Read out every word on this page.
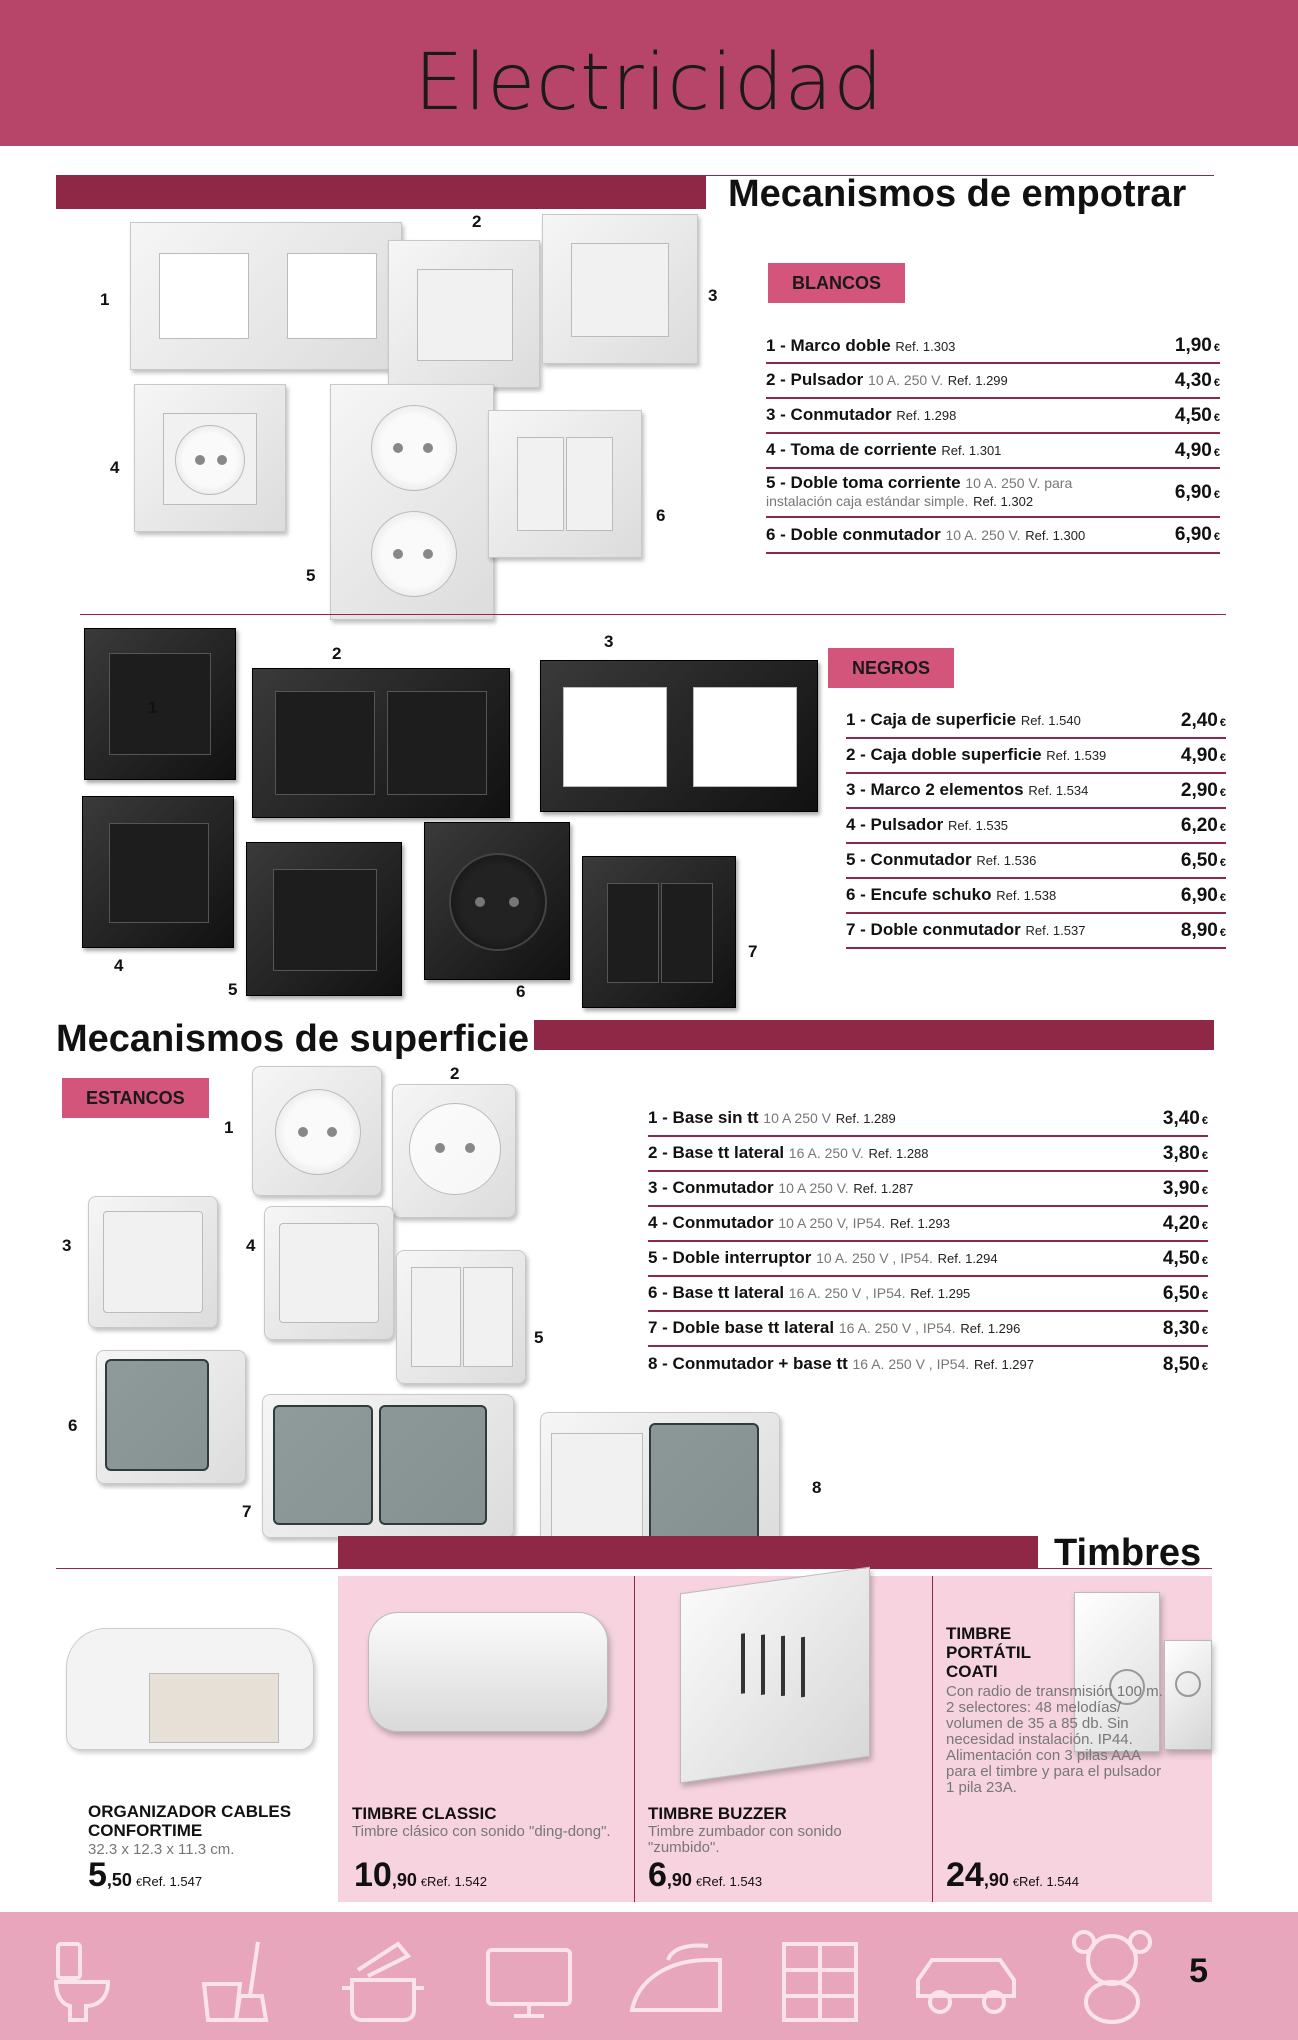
Electricidad
Mecanismos de empotrar
1
2
3
4
5
6
BLANCOS
1 - Marco doble Ref. 1.303	1,90 €
2 - Pulsador 10 A. 250 V. Ref. 1.299	4,30 €
3 - Conmutador Ref. 1.298	4,50 €
4 - Toma de corriente Ref. 1.301	4,90 €
5 - Doble toma corriente 10 A. 250 V. para instalación caja estándar simple. Ref. 1.302	6,90 €
6 - Doble conmutador 10 A. 250 V. Ref. 1.300	6,90 €
1
2
3
4
5	6
7
NEGROS
1 - Caja de superficie Ref. 1.540	2,40 €
2 - Caja doble superficie Ref. 1.539	4,90 €
3 - Marco 2 elementos Ref. 1.534	2,90 €
4 - Pulsador Ref. 1.535	6,20 €
5 - Conmutador Ref. 1.536	6,50 €
6 - Encufe schuko Ref. 1.538	6,90 €
7 - Doble conmutador Ref. 1.537	8,90 €
Mecanismos de superficie
ESTANCOS
1
2
3	4
5
6
7
8
1 - Base sin tt 10 A 250 V Ref. 1.289	3,40 €
2 - Base tt lateral 16 A. 250 V. Ref. 1.288	3,80 €
3 - Conmutador 10 A 250 V. Ref. 1.287	3,90 €
4 - Conmutador 10 A 250 V, IP54. Ref. 1.293	4,20 €
5 - Doble interruptor 10 A. 250 V , IP54. Ref. 1.294	4,50 €
6 - Base tt lateral 16 A. 250 V , IP54. Ref. 1.295	6,50 €
7 - Doble base tt lateral 16 A. 250 V , IP54. Ref. 1.296	8,30 €
8 - Conmutador + base tt 16 A. 250 V , IP54. Ref. 1.297	8,50 €
Timbres
ORGANIZADOR CABLES CONFORTIME
32.3 x 12.3 x 11.3 cm.
5,50 €Ref. 1.547
TIMBRE CLASSIC
Timbre clásico con sonido "ding-dong".
10,90 €Ref. 1.542
TIMBRE BUZZER
Timbre zumbador con sonido "zumbido".
6,90 €Ref. 1.543
TIMBRE PORTÁTIL COATI
Con radio de transmisión 100 m. 2 selectores: 48 melodías/ volumen de 35 a 85 db. Sin necesidad instalación. IP44. Alimentación con 3 pilas AAA para el timbre y para el pulsador 1 pila 23A.
24,90 €Ref. 1.544
5
